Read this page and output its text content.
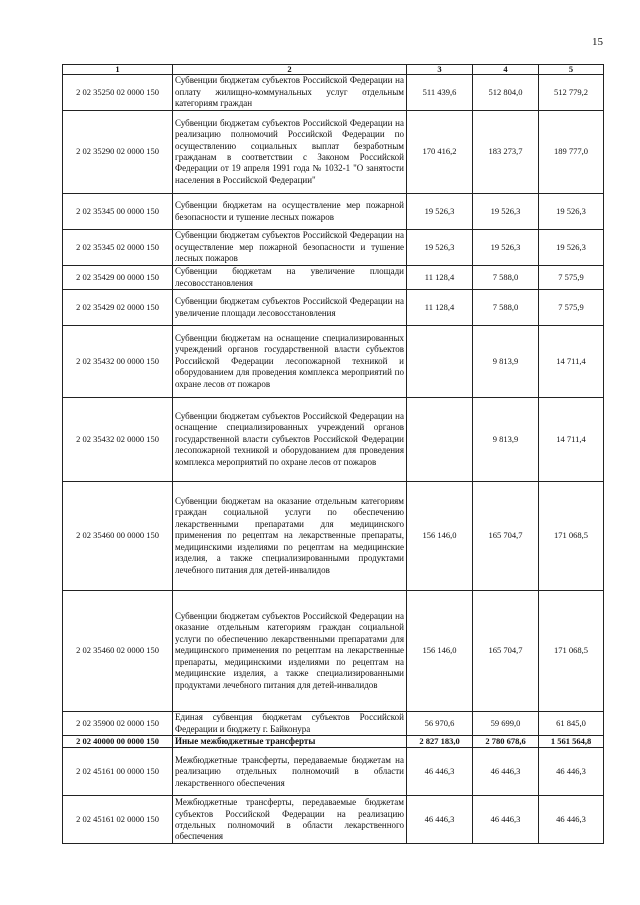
15
1	2	3	4	5
2 02 35250 02 0000 150	Субвенции бюджетам субъектов Российской Федерации на оплату жилищно-коммунальных услуг отдельным категориям граждан	511 439,6	512 804,0	512 779,2
2 02 35290 02 0000 150	Субвенции бюджетам субъектов Российской Федерации на реализацию полномочий Российской Федерации по осуществлению социальных выплат безработным гражданам в соответствии с Законом Российской Федерации от 19 апреля 1991 года № 1032-1 "О занятости населения в Российской Федерации"	170 416,2	183 273,7	189 777,0
2 02 35345 00 0000 150	Субвенции бюджетам на осуществление мер пожарной безопасности и тушение лесных пожаров	19 526,3	19 526,3	19 526,3
2 02 35345 02 0000 150	Субвенции бюджетам субъектов Российской Федерации на осуществление мер пожарной безопасности и тушение лесных пожаров	19 526,3	19 526,3	19 526,3
2 02 35429 00 0000 150	Субвенции бюджетам на увеличение площади лесовосстановления	11 128,4	7 588,0	7 575,9
2 02 35429 02 0000 150	Субвенции бюджетам субъектов Российской Федерации на увеличение площади лесовосстановления	11 128,4	7 588,0	7 575,9
2 02 35432 00 0000 150	Субвенции бюджетам на оснащение специализированных учреждений органов государственной власти субъектов Российской Федерации лесопожарной техникой и оборудованием для проведения комплекса мероприятий по охране лесов от пожаров		9 813,9	14 711,4
2 02 35432 02 0000 150	Субвенции бюджетам субъектов Российской Федерации на оснащение специализированных учреждений органов государственной власти субъектов Российской Федерации лесопожарной техникой и оборудованием для проведения комплекса мероприятий по охране лесов от пожаров		9 813,9	14 711,4
2 02 35460 00 0000 150	Субвенции бюджетам на оказание отдельным категориям граждан социальной услуги по обеспечению лекарственными препаратами для медицинского применения по рецептам на лекарственные препараты, медицинскими изделиями по рецептам на медицинские изделия, а также специализированными продуктами лечебного питания для детей-инвалидов	156 146,0	165 704,7	171 068,5
2 02 35460 02 0000 150	Субвенции бюджетам субъектов Российской Федерации на оказание отдельным категориям граждан социальной услуги по обеспечению лекарственными препаратами для медицинского применения по рецептам на лекарственные препараты, медицинскими изделиями по рецептам на медицинские изделия, а также специализированными продуктами лечебного питания для детей-инвалидов	156 146,0	165 704,7	171 068,5
2 02 35900 02 0000 150	Единая субвенция бюджетам субъектов Российской Федерации и бюджету г. Байконура	56 970,6	59 699,0	61 845,0
2 02 40000 00 0000 150	Иные межбюджетные трансферты	2 827 183,0	2 780 678,6	1 561 564,8
2 02 45161 00 0000 150	Межбюджетные трансферты, передаваемые бюджетам на реализацию отдельных полномочий в области лекарственного обеспечения	46 446,3	46 446,3	46 446,3
2 02 45161 02 0000 150	Межбюджетные трансферты, передаваемые бюджетам субъектов Российской Федерации на реализацию отдельных полномочий в области лекарственного обеспечения	46 446,3	46 446,3	46 446,3
